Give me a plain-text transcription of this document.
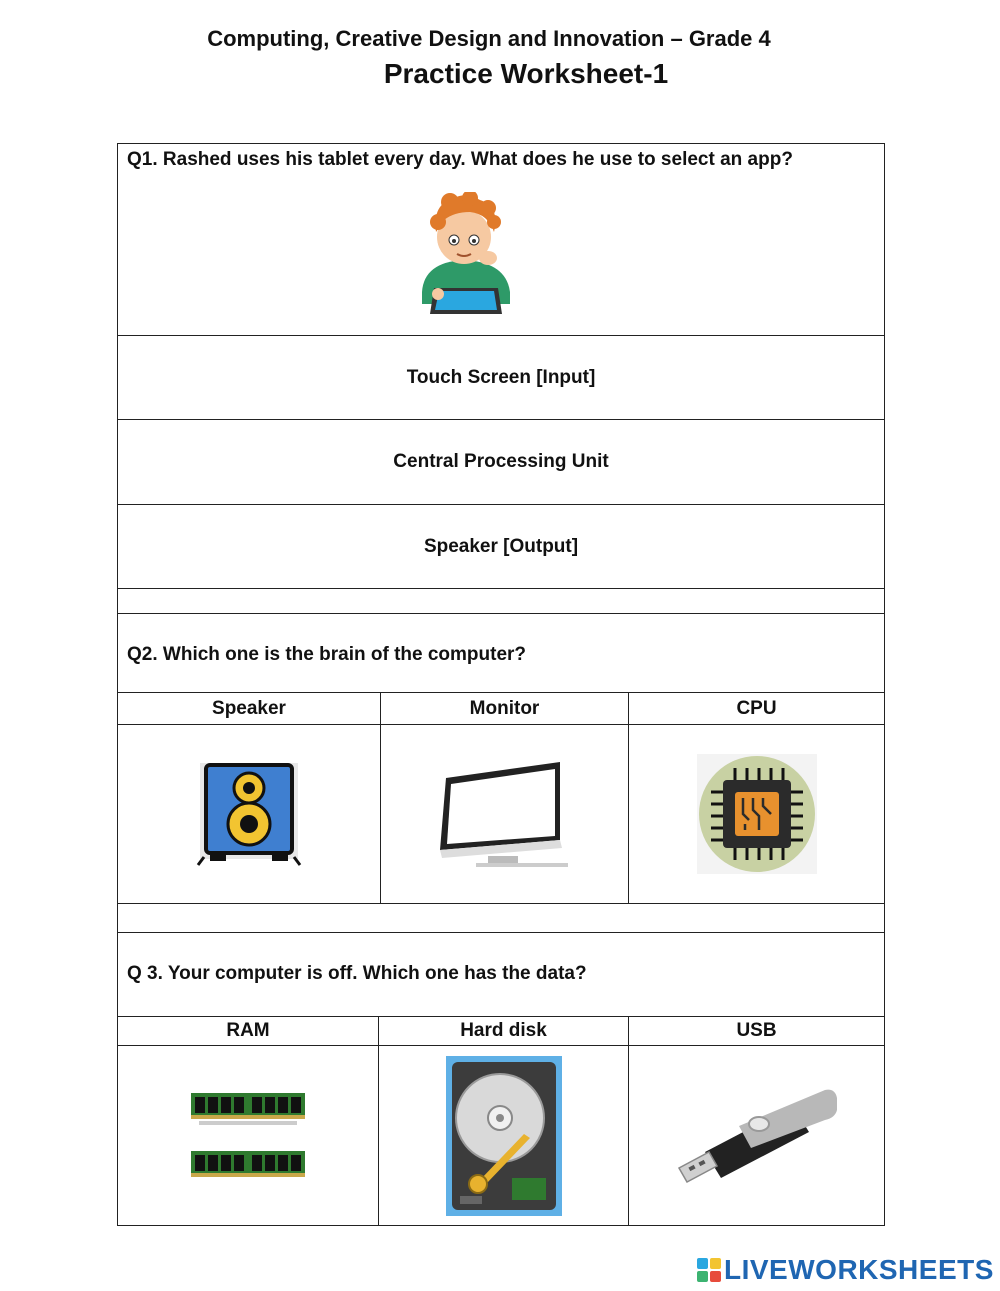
Computing, Creative Design and Innovation – Grade 4
Practice Worksheet-1
Q1. Rashed uses his tablet every day. What does he use to select an app?
Touch Screen [Input]
Central Processing Unit
Speaker [Output]
Q2. Which one is the brain of the computer?
Speaker	Monitor	CPU
Q 3. Your computer is off. Which one has the data?
RAM	Hard disk	USB
LIVEWORKSHEETS
